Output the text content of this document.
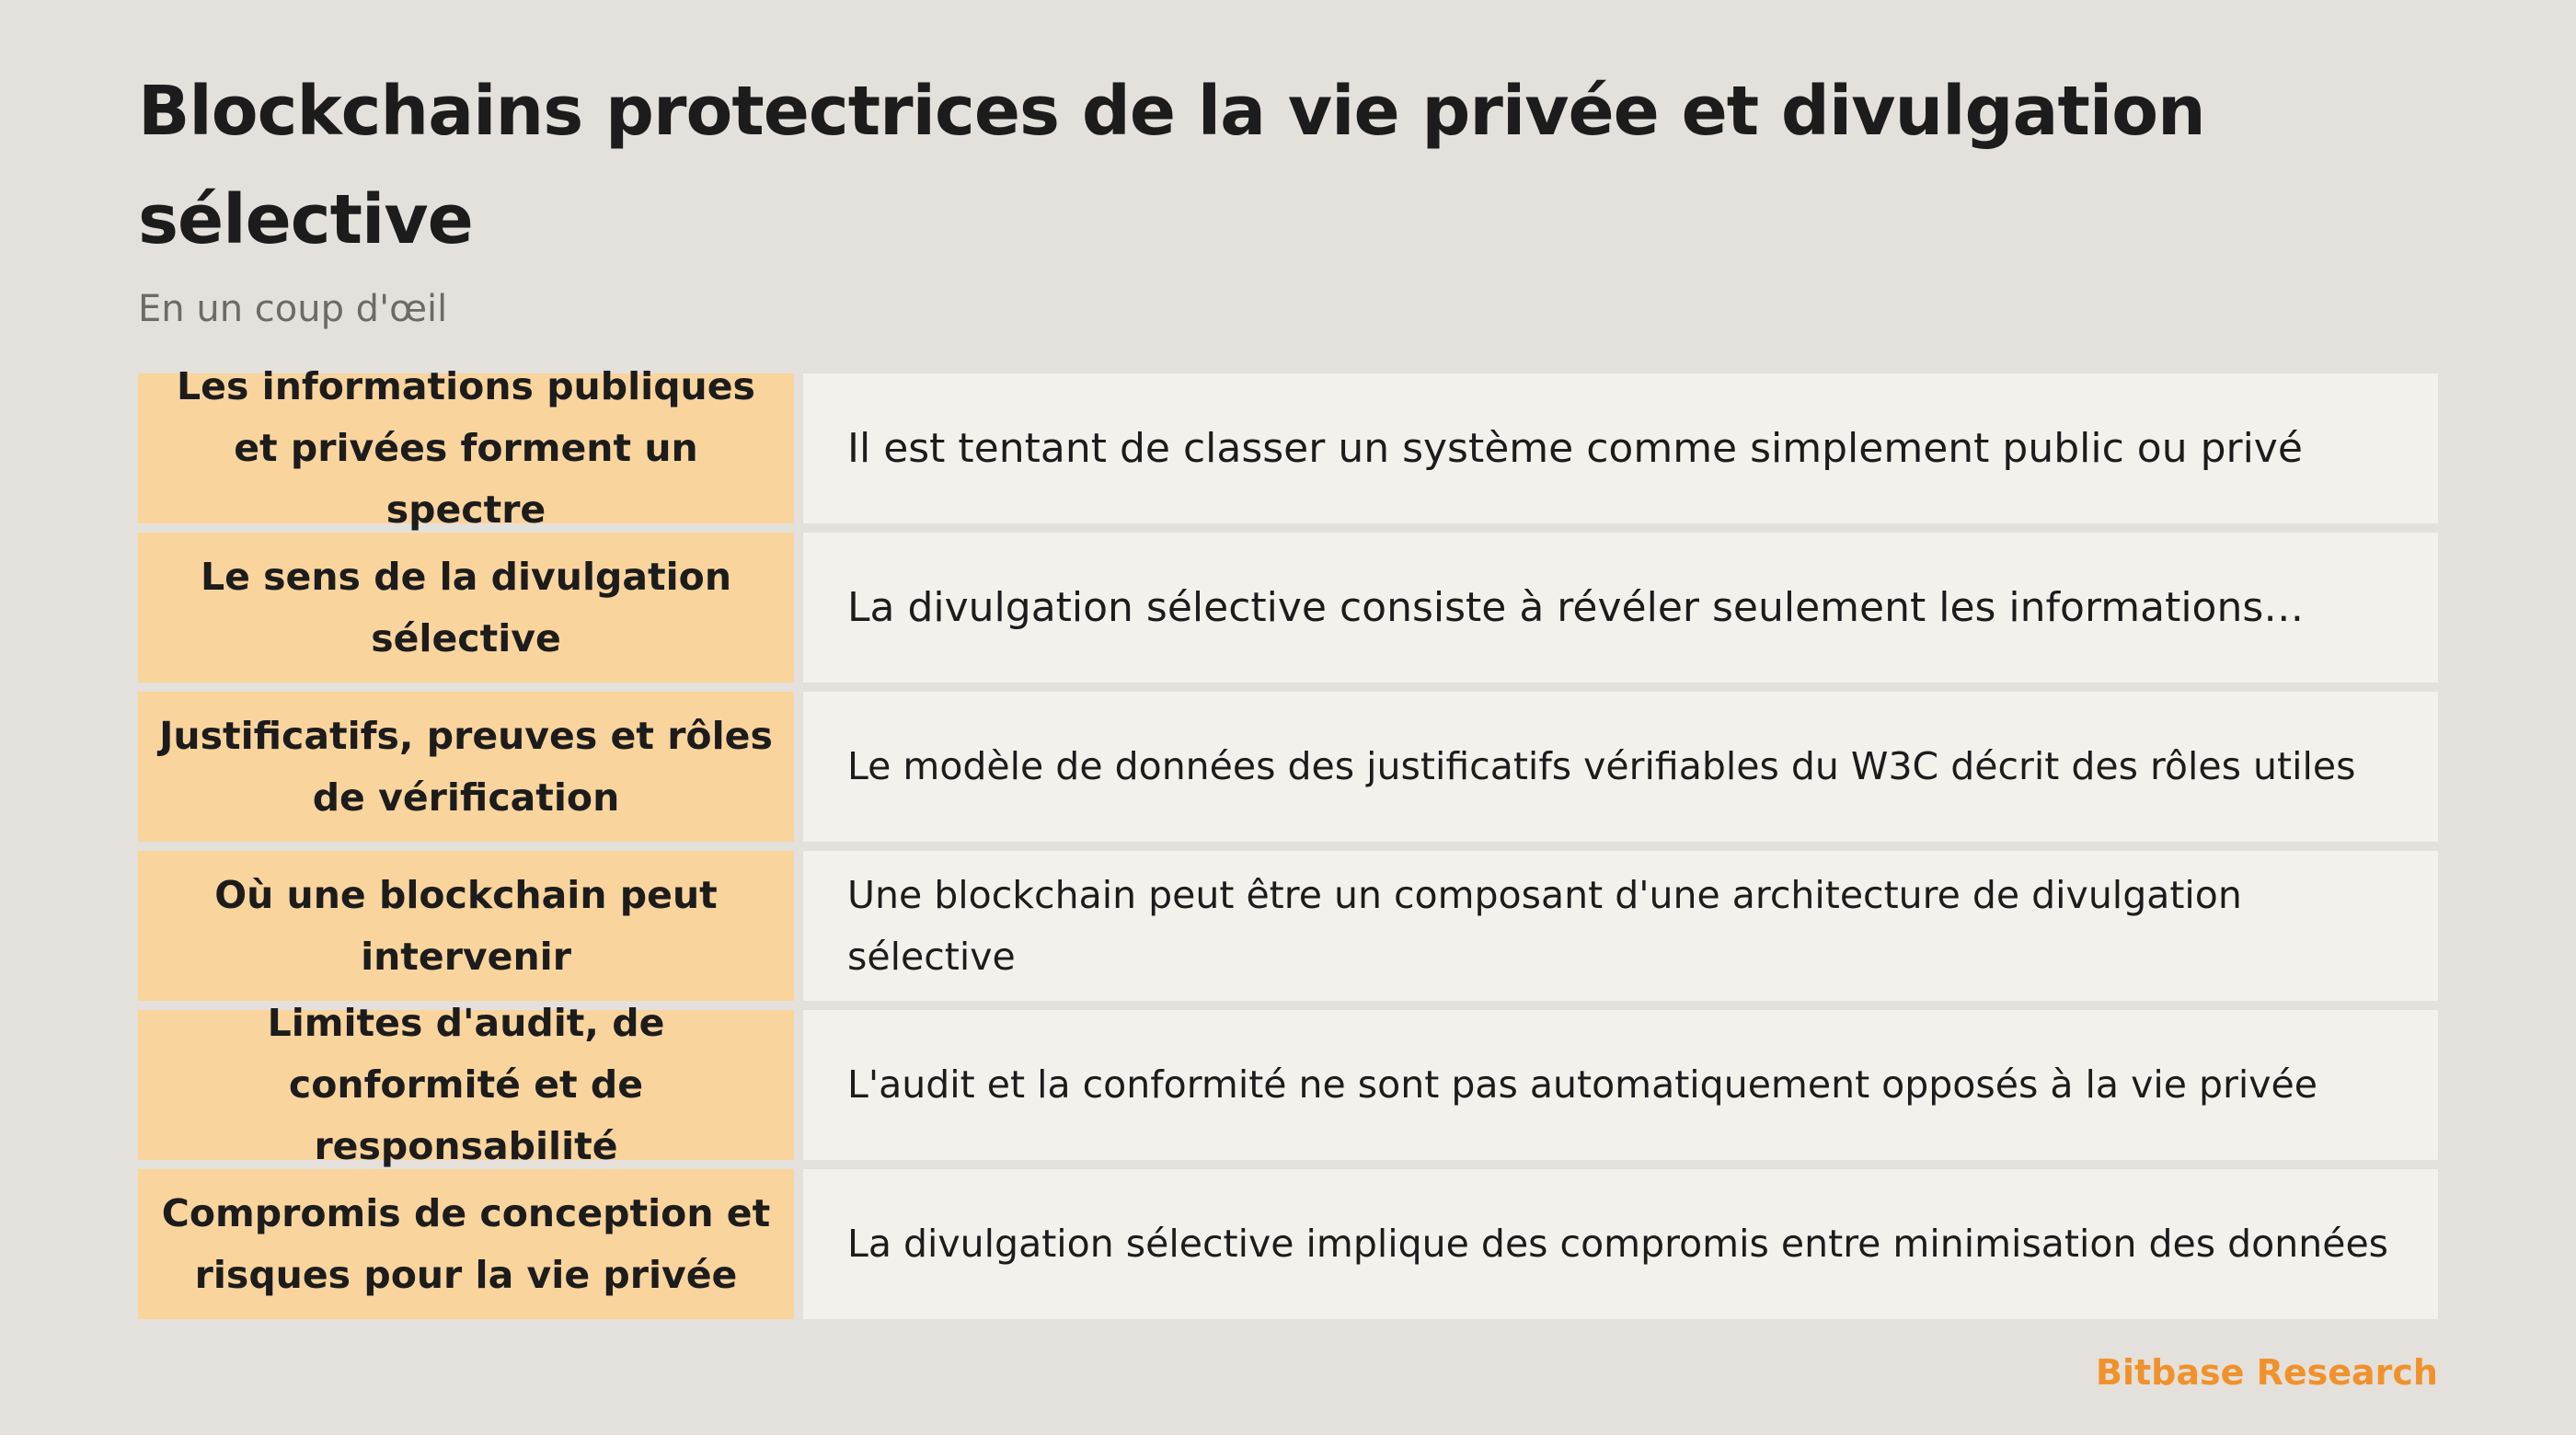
Blockchains protectrices de la vie privée et divulgation sélective
En un coup d'œil
Les informations publiques et privées forment un spectre
Il est tentant de classer un système comme simplement public ou privé
Le sens de la divulgation sélective
La divulgation sélective consiste à révéler seulement les informations…
Justificatifs, preuves et rôles de vérification
Le modèle de données des justificatifs vérifiables du W3C décrit des rôles utiles
Où une blockchain peut intervenir
Une blockchain peut être un composant d'une architecture de divulgation sélective
Limites d'audit, de conformité et de responsabilité
L'audit et la conformité ne sont pas automatiquement opposés à la vie privée
Compromis de conception et risques pour la vie privée
La divulgation sélective implique des compromis entre minimisation des données
Bitbase Research
